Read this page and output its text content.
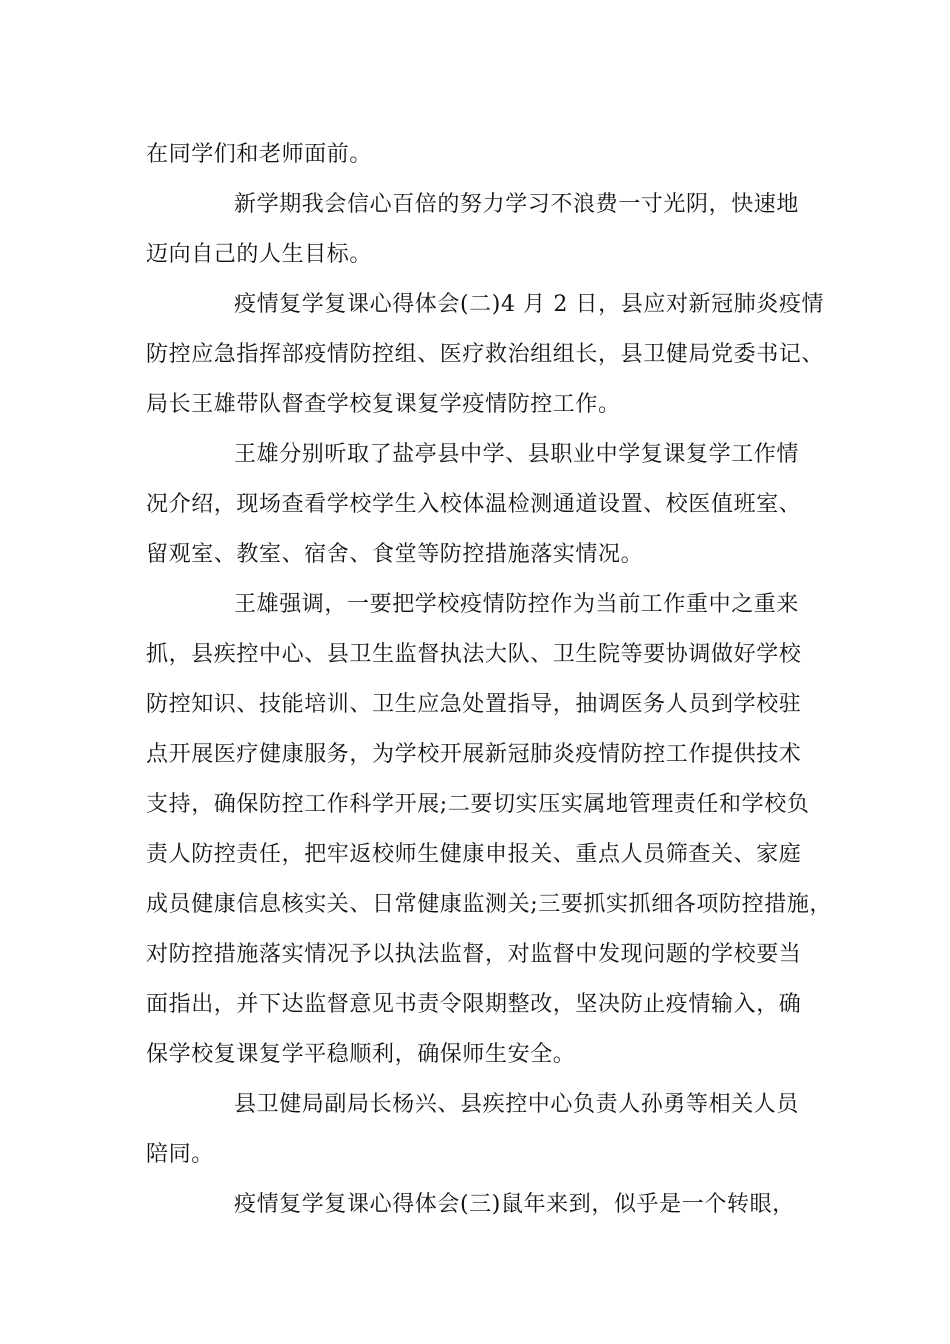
在同学们和老师面前。
新学期我会信心百倍的努力学习不浪费一寸光阴，快速地
迈向自己的人生目标。
疫情复学复课心得体会(二)4 月 2 日，县应对新冠肺炎疫情
防控应急指挥部疫情防控组、医疗救治组组长，县卫健局党委书记、
局长王雄带队督查学校复课复学疫情防控工作。
王雄分别听取了盐亭县中学、县职业中学复课复学工作情
况介绍，现场查看学校学生入校体温检测通道设置、校医值班室、
留观室、教室、宿舍、食堂等防控措施落实情况。
王雄强调，一要把学校疫情防控作为当前工作重中之重来
抓，县疾控中心、县卫生监督执法大队、卫生院等要协调做好学校
防控知识、技能培训、卫生应急处置指导，抽调医务人员到学校驻
点开展医疗健康服务，为学校开展新冠肺炎疫情防控工作提供技术
支持，确保防控工作科学开展;二要切实压实属地管理责任和学校负
责人防控责任，把牢返校师生健康申报关、重点人员筛查关、家庭
成员健康信息核实关、日常健康监测关;三要抓实抓细各项防控措施，
对防控措施落实情况予以执法监督，对监督中发现问题的学校要当
面指出，并下达监督意见书责令限期整改，坚决防止疫情输入，确
保学校复课复学平稳顺利，确保师生安全。
县卫健局副局长杨兴、县疾控中心负责人孙勇等相关人员
陪同。
疫情复学复课心得体会(三)鼠年来到，似乎是一个转眼，
